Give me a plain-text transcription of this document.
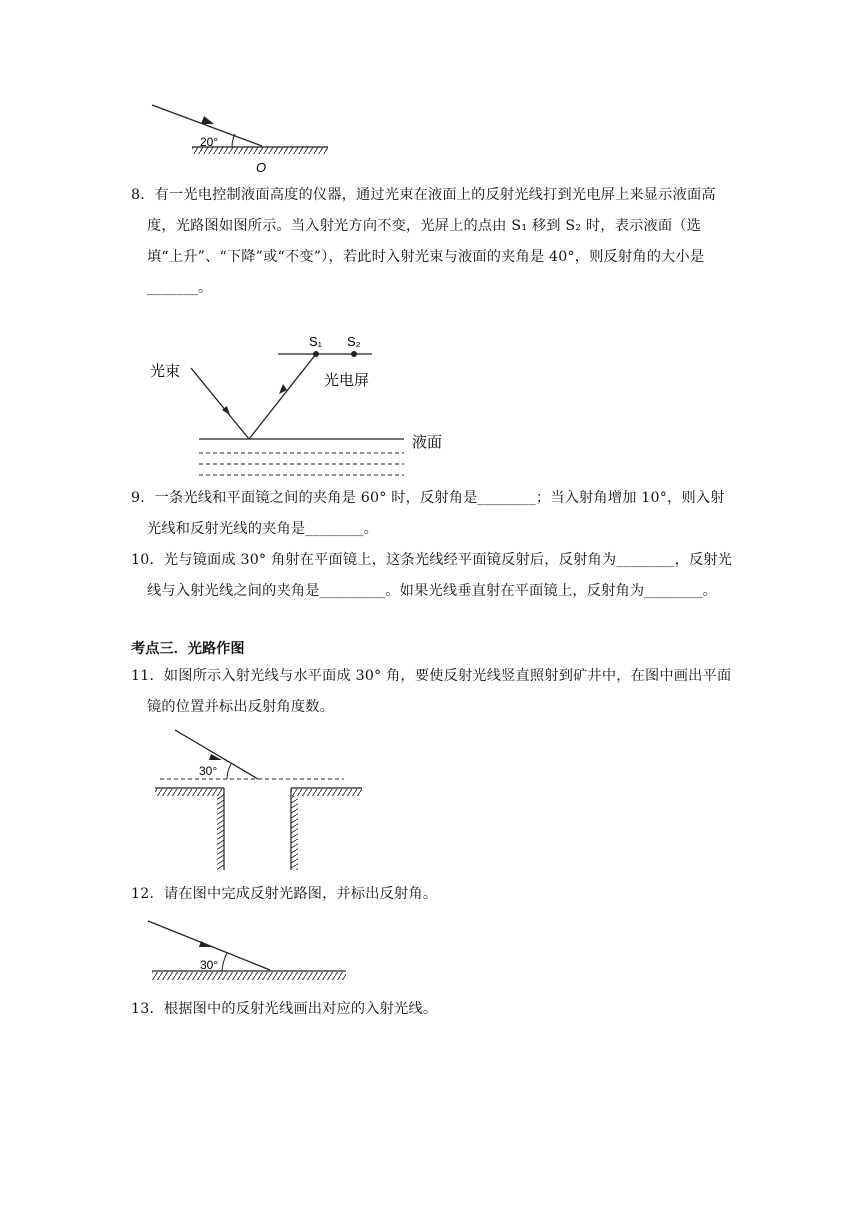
20°
O
S₁ S₂
光束
光电屏
液面
30°
30°
8．有一光电控制液面高度的仪器，通过光束在液面上的反射光线打到光电屏上来显示液面高度，光路图如图所示。当入射光方向不变，光屏上的点由 S₁ 移到 S₂ 时，表示液面（选填“上升”、“下降”或“不变”），若此时入射光束与液面的夹角是 40°，则反射角的大小是 _______。
9．一条光线和平面镜之间的夹角是 60° 时，反射角是________；当入射角增加 10°，则入射光线和反射光线的夹角是________。
10．光与镜面成 30° 角射在平面镜上，这条光线经平面镜反射后，反射角为________，反射光线与入射光线之间的夹角是_________。如果光线垂直射在平面镜上，反射角为________。
考点三．光路作图
11．如图所示入射光线与水平面成 30° 角，要使反射光线竖直照射到矿井中，在图中画出平面镜的位置并标出反射角度数。
12．请在图中完成反射光路图，并标出反射角。
13．根据图中的反射光线画出对应的入射光线。
